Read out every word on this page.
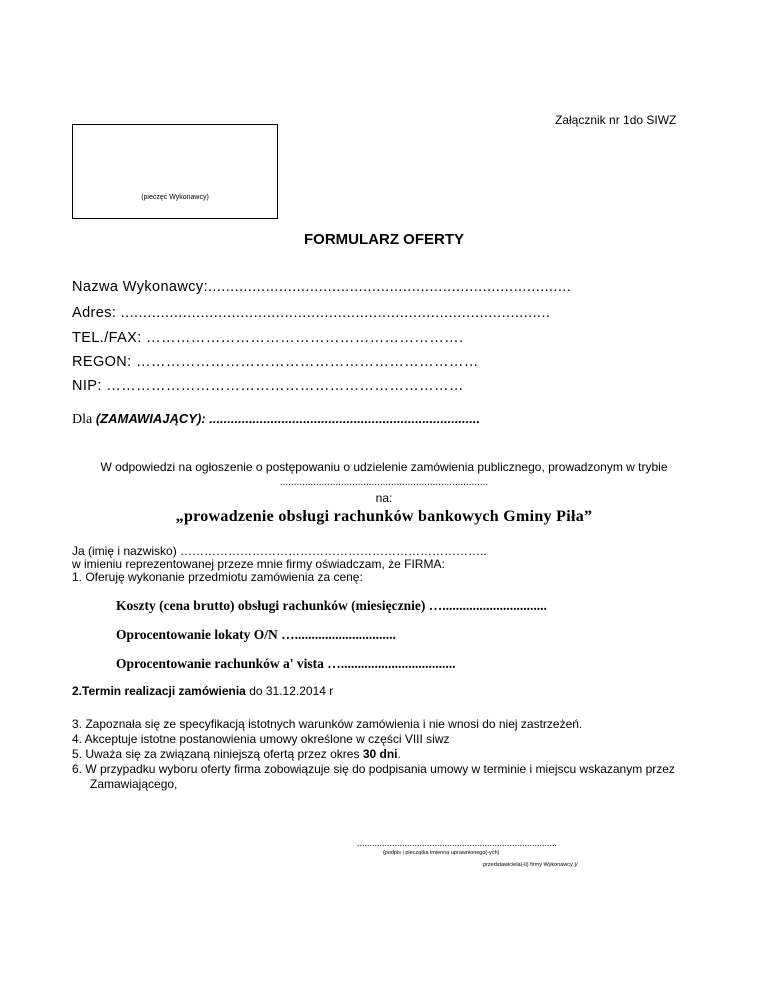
Załącznik nr 1do SIWZ
(pieczęć Wykonawcy)
FORMULARZ OFERTY
Nazwa Wykonawcy:..................................................................................
Adres: .................................................................................................
TEL./FAX: ……………………………………………………….
REGON: ……………………………………………………………
NIP: ………………………………………………………………
Dla (ZAMAWIAJĄCY): ...........................................................................
W odpowiedzi na ogłoszenie o postępowaniu o udzielenie zamówienia publicznego, prowadzonym w trybie
...........................................................................
na:
„prowadzenie obsługi rachunków bankowych Gminy Piła”
Ja (imię i nazwisko) …………………………………………………………………..
w imieniu reprezentowanej przeze mnie firmy oświadczam, że FIRMA:
1. Oferuję wykonanie przedmiotu zamówienia za cenę:
Koszty (cena brutto) obsługi rachunków (miesięcznie) …...............................
Oprocentowanie lokaty O/N …..............................
Oprocentowanie rachunków a' vista …..................................
2.Termin realizacji zamówienia do 31.12.2014 r
3. Zapoznała się ze specyfikacją istotnych warunków zamówienia i nie wnosi do niej zastrzeżeń.
4. Akceptuje istotne postanowienia umowy określone w części VIII siwz
5. Uważa się za związaną niniejszą ofertą przez okres 30 dni.
6. W przypadku wyboru oferty firma zobowiązuje się do podpisania umowy w terminie i miejscu wskazanym przez
Zamawiającego,
................................................................................
(podpis i pieczątka imienna uprawnionego(-ych)
przedstawiciela(-li) firmy Wykonawcy )/
